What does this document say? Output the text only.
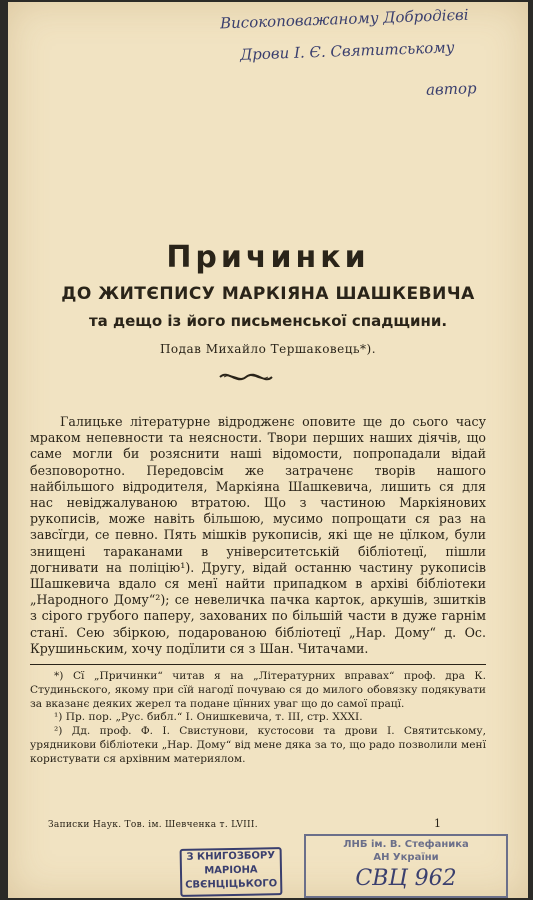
Високоповажаному Добродієві
Дрови І. Є. Святитському
автор
Причинки
ДО ЖИТЄПИСУ МАРКІЯНА ШАШКЕВИЧА
та дещо із його письменської спадщини.
Подав Михайло Тершаковець*).

Галицьке літературне відродженє оповите ще до сього часу мраком непевности та неясности. Твори перших наших діячів, що саме могли би розяснити наші відомости, попропадали відай безповоротно. Передовсім же затраченє творів нашого найбільшого відродителя, Маркіяна Шашкевича, лишить ся для нас невіджалуваною втратою. Що з частиною Маркіянових рукописів, може навіть більшою, мусимо попрощати ся раз на завсїгди, се певно. Пять мішків рукописів, які ще не цїлком, були знищені тараканами в університетській бібліотецї, пішли догнивати на поліцію¹). Другу, відай останню частину рукописів Шашкевича вдало ся менї найти припадком в архіві бібліотеки „Народного Дому“²); се невеличка пачка карток, аркушів, зшитків з сірого грубого паперу, захованих по більшій части в дуже гарнім станї. Сею збіркою, подарованою бібліотецї „Нар. Дому“ д. Ос. Крушиньским, хочу подїлити ся з Шан. Читачами.

*) Сї „Причинки“ читав я на „Літературних вправах“ проф. дра К. Студиньского, якому при сїй нагодї почуваю ся до милого обовязку подякувати за вказанє деяких жерел та подане цїнних уваг що до самої працї.

¹) Пр. пор. „Рус. библ.“ І. Онишкевича, т. III, стр. XXXI.

²) Дд. проф. Ф. І. Свистунови, кустосови та дрови І. Святитському, урядникови бібліотеки „Нар. Дому“ від мене дяка за то, що радо позволили менї користувати ся архівним материялом.

Записки Наук. Тов. ім. Шевченка т. LVIII.	1
З КНИГОЗБОРУ
МАРІОНА
СВЄНЦІЦЬКОГО
ЛНБ ім. В. Стефаника
АН України
СВЦ 962
